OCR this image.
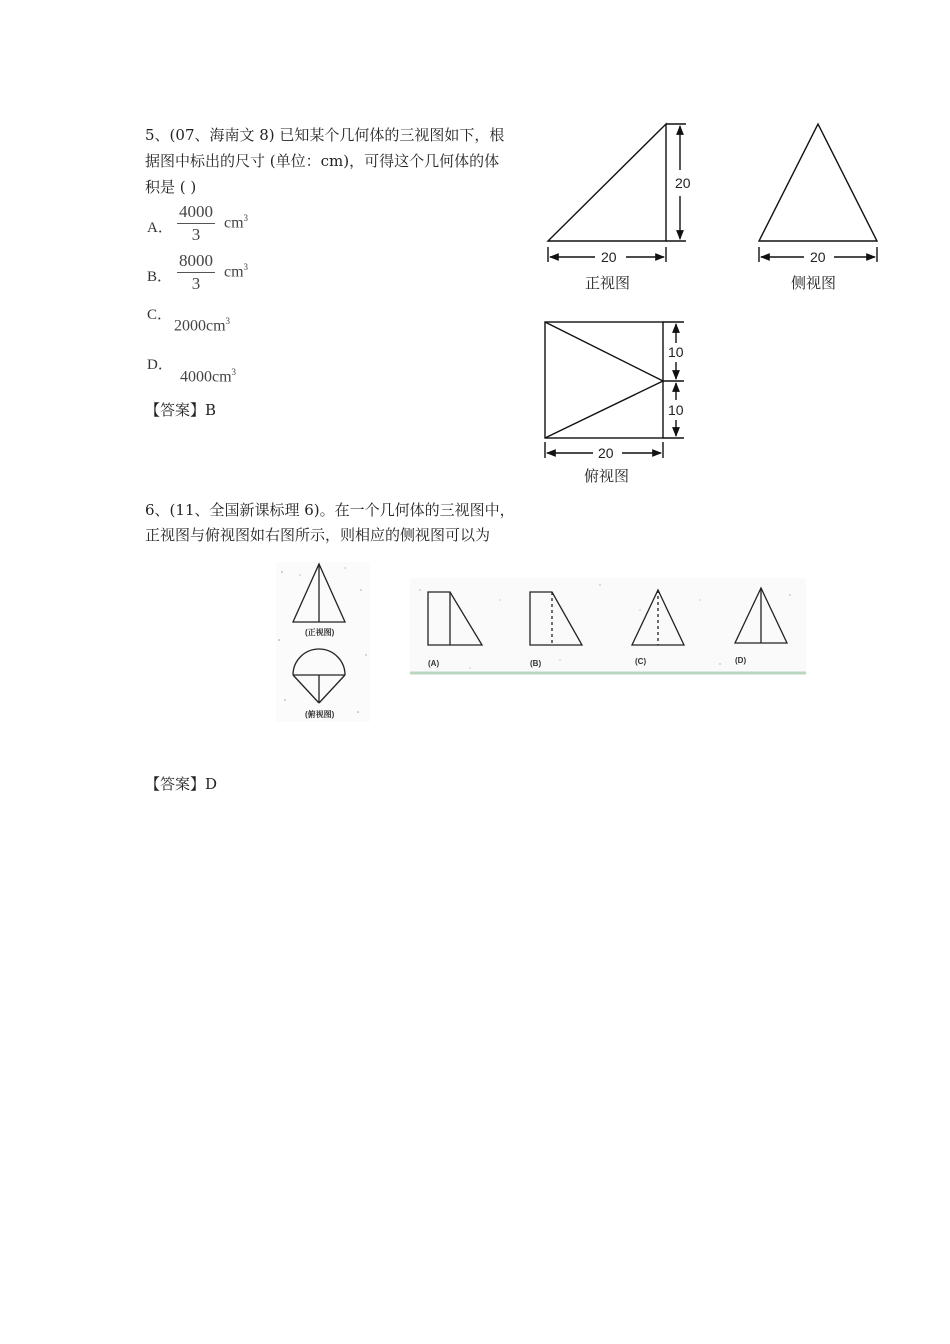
5、(07、海南文 8) 已知某个几何体的三视图如下，根
据图中标出的尺寸 (单位：cm)，可得这个几何体的体
积是 ( )
A． $\frac{4000}{3} cm^3$
B． $\frac{8000}{3} cm^3$
C．
$2000cm^3$
D．
$4000cm^3$
【答案】B
20
20	20
10
10
20
正视图	侧视图
俯视图
6、(11、全国新课标理 6)。在一个几何体的三视图中，
正视图与俯视图如右图所示，则相应的侧视图可以为
(正视图)
(俯视图)
(A)	(B)	(C)	(D)
【答案】D
